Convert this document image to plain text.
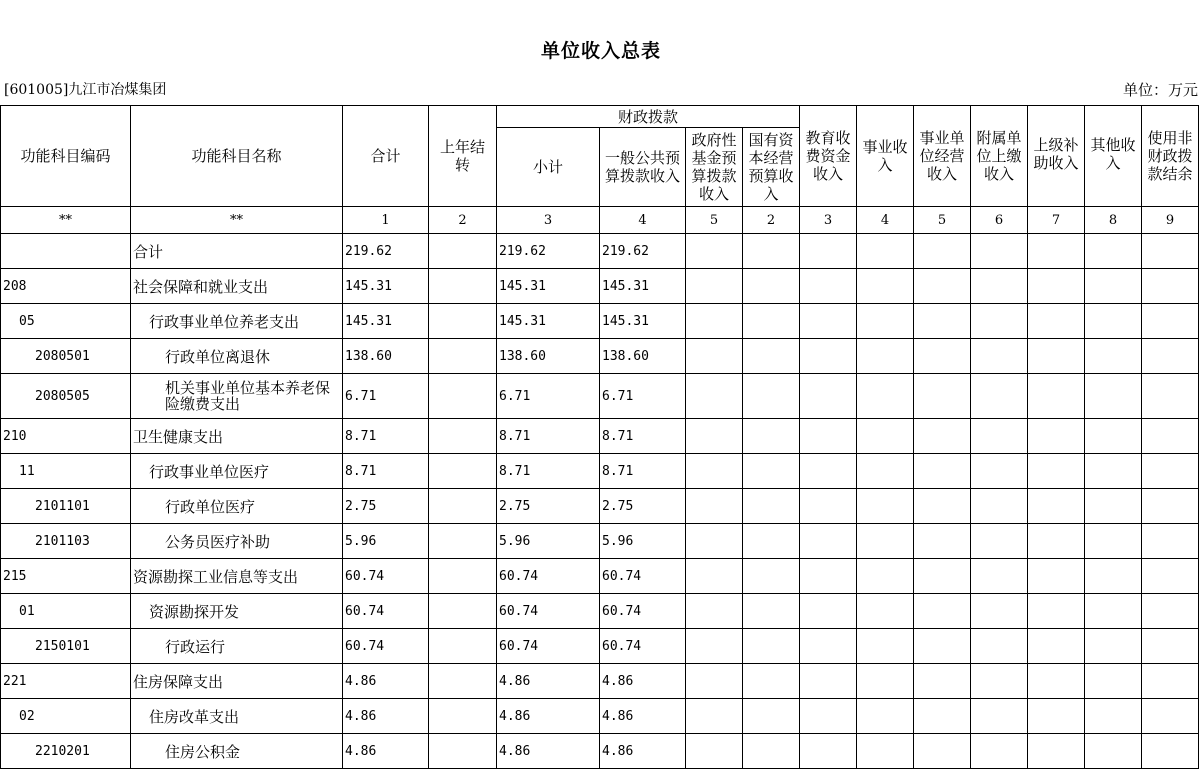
单位收入总表
[601005]九江市冶煤集团	单位：万元
功能科目编码	功能科目名称	合计	上年结转	财政拨款				教育收费资金收入	事业收入	事业单位经营收入	附属单位上缴收入	上级补助收入	其他收入	使用非财政拨款结余
				小计	一般公共预算拨款收入	政府性基金预算拨款收入	国有资本经营预算收入							
**	**	1	2	3	4	5	2	3	4	5	6	7	8	9
	合计	219.62		219.62	219.62									
208	社会保障和就业支出	145.31		145.31	145.31									
05	行政事业单位养老支出	145.31		145.31	145.31									
2080501	行政单位离退休	138.60		138.60	138.60									
2080505	机关事业单位基本养老保险缴费支出	6.71		6.71	6.71									
210	卫生健康支出	8.71		8.71	8.71									
11	行政事业单位医疗	8.71		8.71	8.71									
2101101	行政单位医疗	2.75		2.75	2.75									
2101103	公务员医疗补助	5.96		5.96	5.96									
215	资源勘探工业信息等支出	60.74		60.74	60.74									
01	资源勘探开发	60.74		60.74	60.74									
2150101	行政运行	60.74		60.74	60.74									
221	住房保障支出	4.86		4.86	4.86									
02	住房改革支出	4.86		4.86	4.86									
2210201	住房公积金	4.86		4.86	4.86									
